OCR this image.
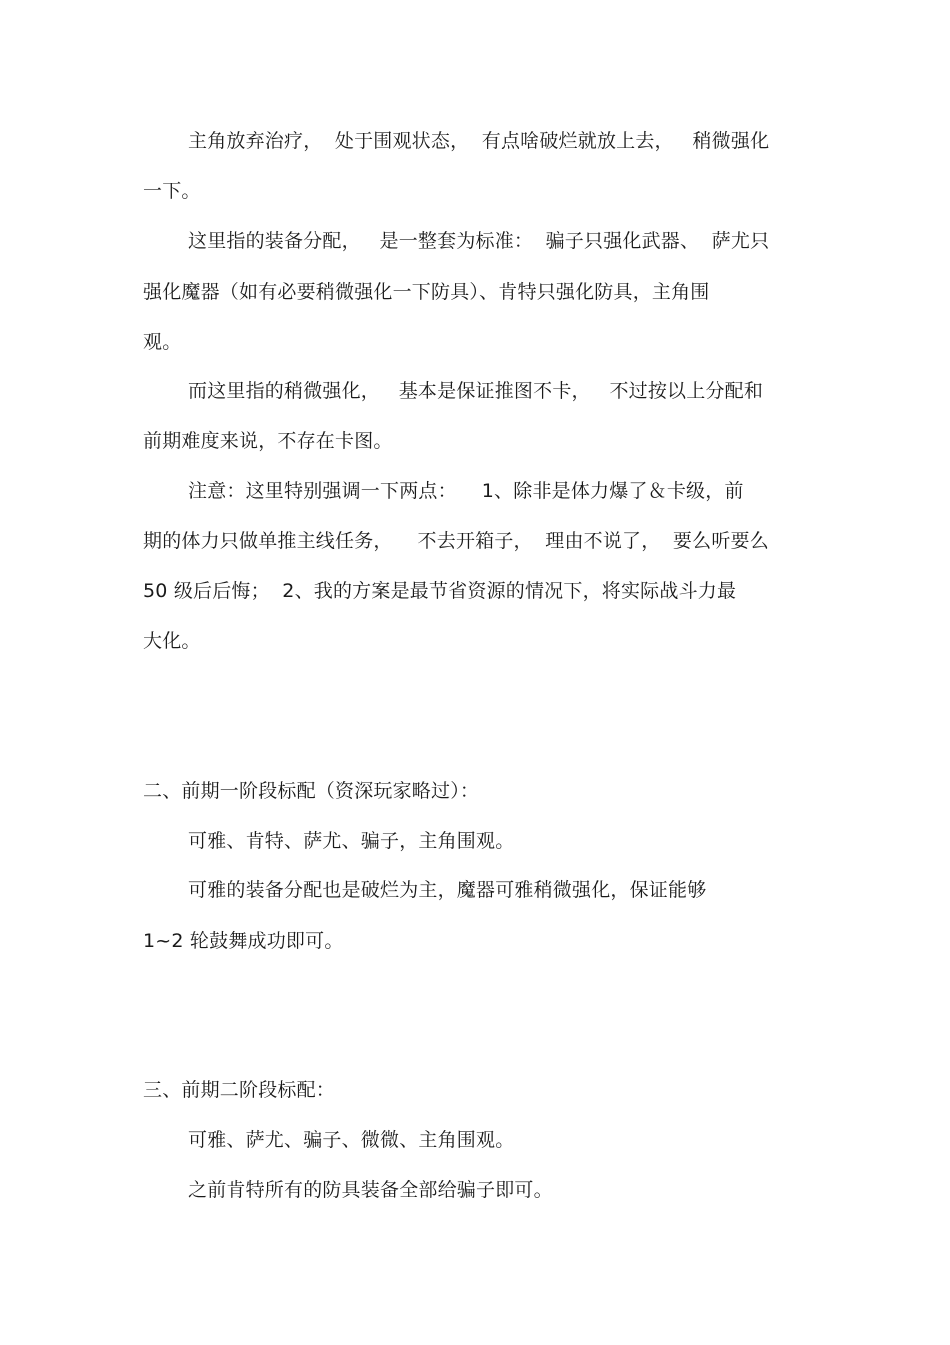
主角放弃治疗，  处于围观状态，  有点啥破烂就放上去，   稍微强化

一下。

这里指的装备分配，   是一整套为标准：  骗子只强化武器、  萨尤只

强化魔器（如有必要稍微强化一下防具）、肯特只强化防具，主角围

观。

而这里指的稍微强化，   基本是保证推图不卡，   不过按以上分配和

前期难度来说，不存在卡图。

注意：这里特别强调一下两点：    1、除非是体力爆了＆卡级，前

期的体力只做单推主线任务，    不去开箱子，  理由不说了，  要么听要么

50 级后后悔；  2、我的方案是最节省资源的情况下，将实际战斗力最

大化。

二、前期一阶段标配（资深玩家略过）：

可雅、肯特、萨尤、骗子，主角围观。

可雅的装备分配也是破烂为主，魔器可雅稍微强化，保证能够

1~2 轮鼓舞成功即可。

三、前期二阶段标配：

可雅、萨尤、骗子、微微、主角围观。

之前肯特所有的防具装备全部给骗子即可。
